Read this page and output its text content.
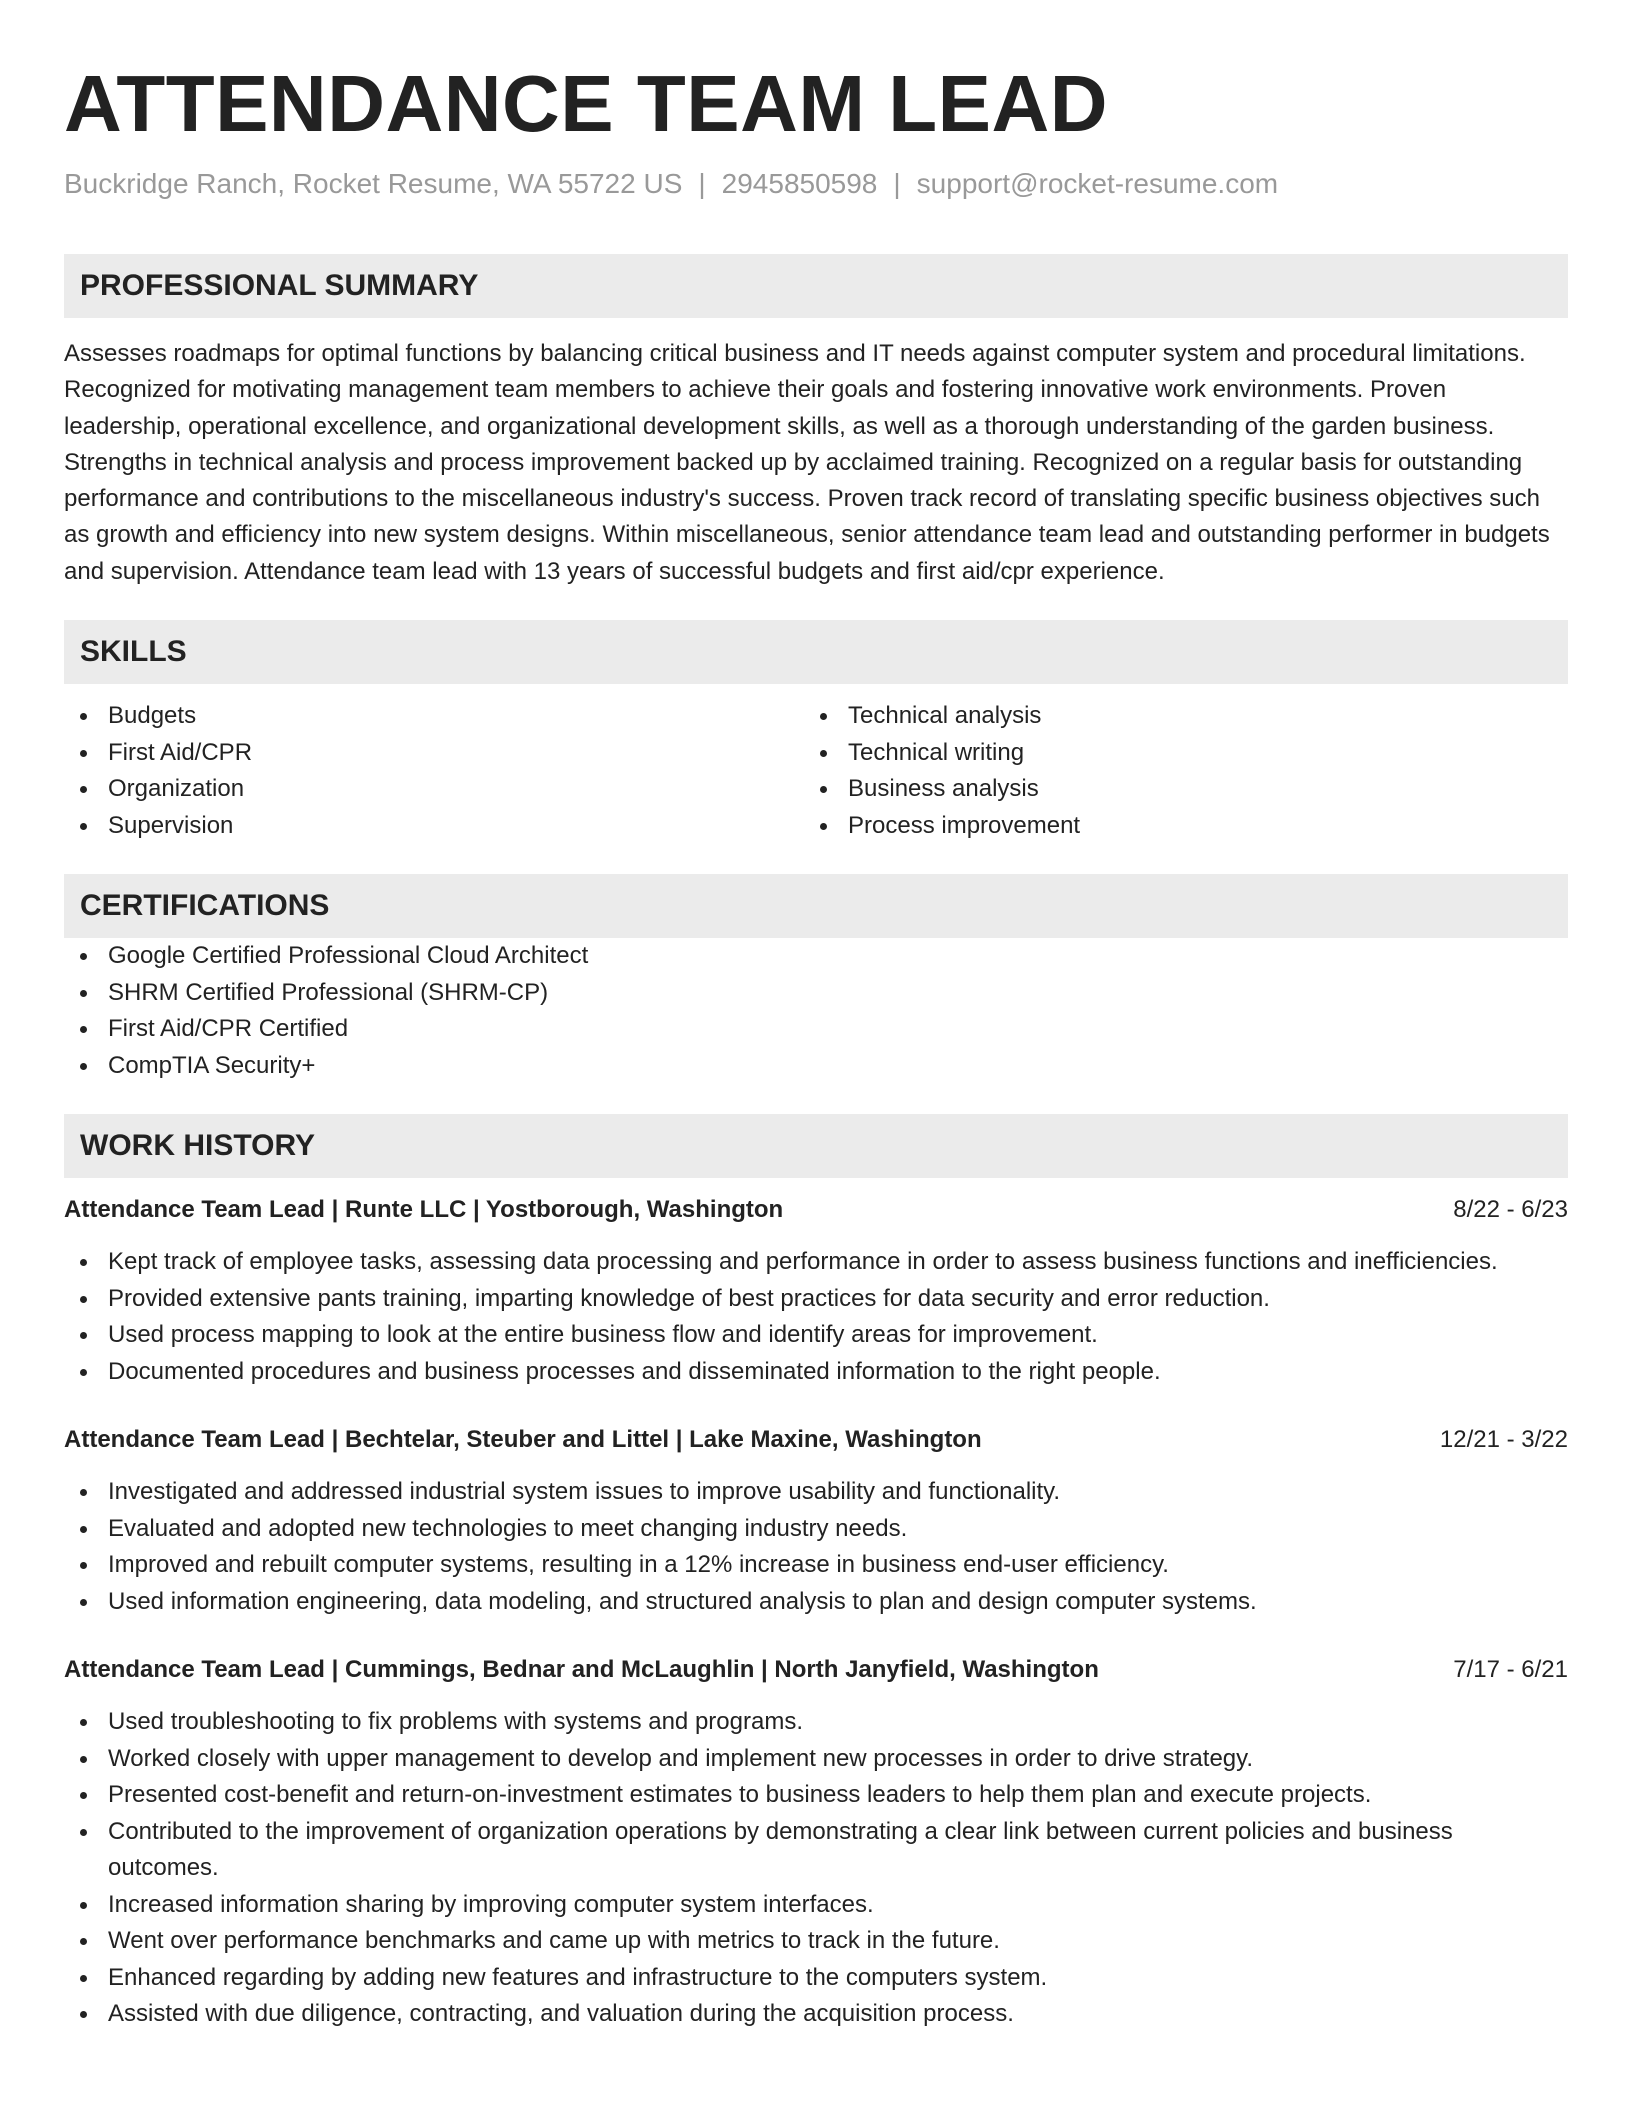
ATTENDANCE TEAM LEAD
Buckridge Ranch, Rocket Resume, WA 55722 US | 2945850598 | support@rocket-resume.com
PROFESSIONAL SUMMARY

Assesses roadmaps for optimal functions by balancing critical business and IT needs against computer system and procedural limitations. Recognized for motivating management team members to achieve their goals and fostering innovative work environments. Proven leadership, operational excellence, and organizational development skills, as well as a thorough understanding of the garden business. Strengths in technical analysis and process improvement backed up by acclaimed training. Recognized on a regular basis for outstanding performance and contributions to the miscellaneous industry's success. Proven track record of translating specific business objectives such as growth and efficiency into new system designs. Within miscellaneous, senior attendance team lead and outstanding performer in budgets and supervision. Attendance team lead with 13 years of successful budgets and first aid/cpr experience.

SKILLS
Budgets
First Aid/CPR
Organization
Supervision
Technical analysis
Technical writing
Business analysis
Process improvement
CERTIFICATIONS
Google Certified Professional Cloud Architect
SHRM Certified Professional (SHRM-CP)
First Aid/CPR Certified
CompTIA Security+
WORK HISTORY
Attendance Team Lead | Runte LLC | Yostborough, Washington	8/22 - 6/23
Kept track of employee tasks, assessing data processing and performance in order to assess business functions and inefficiencies.
Provided extensive pants training, imparting knowledge of best practices for data security and error reduction.
Used process mapping to look at the entire business flow and identify areas for improvement.
Documented procedures and business processes and disseminated information to the right people.
Attendance Team Lead | Bechtelar, Steuber and Littel | Lake Maxine, Washington	12/21 - 3/22
Investigated and addressed industrial system issues to improve usability and functionality.
Evaluated and adopted new technologies to meet changing industry needs.
Improved and rebuilt computer systems, resulting in a 12% increase in business end-user efficiency.
Used information engineering, data modeling, and structured analysis to plan and design computer systems.
Attendance Team Lead | Cummings, Bednar and McLaughlin | North Janyfield, Washington	7/17 - 6/21
Used troubleshooting to fix problems with systems and programs.
Worked closely with upper management to develop and implement new processes in order to drive strategy.
Presented cost-benefit and return-on-investment estimates to business leaders to help them plan and execute projects.
Contributed to the improvement of organization operations by demonstrating a clear link between current policies and business outcomes.
Increased information sharing by improving computer system interfaces.
Went over performance benchmarks and came up with metrics to track in the future.
Enhanced regarding by adding new features and infrastructure to the computers system.
Assisted with due diligence, contracting, and valuation during the acquisition process.
